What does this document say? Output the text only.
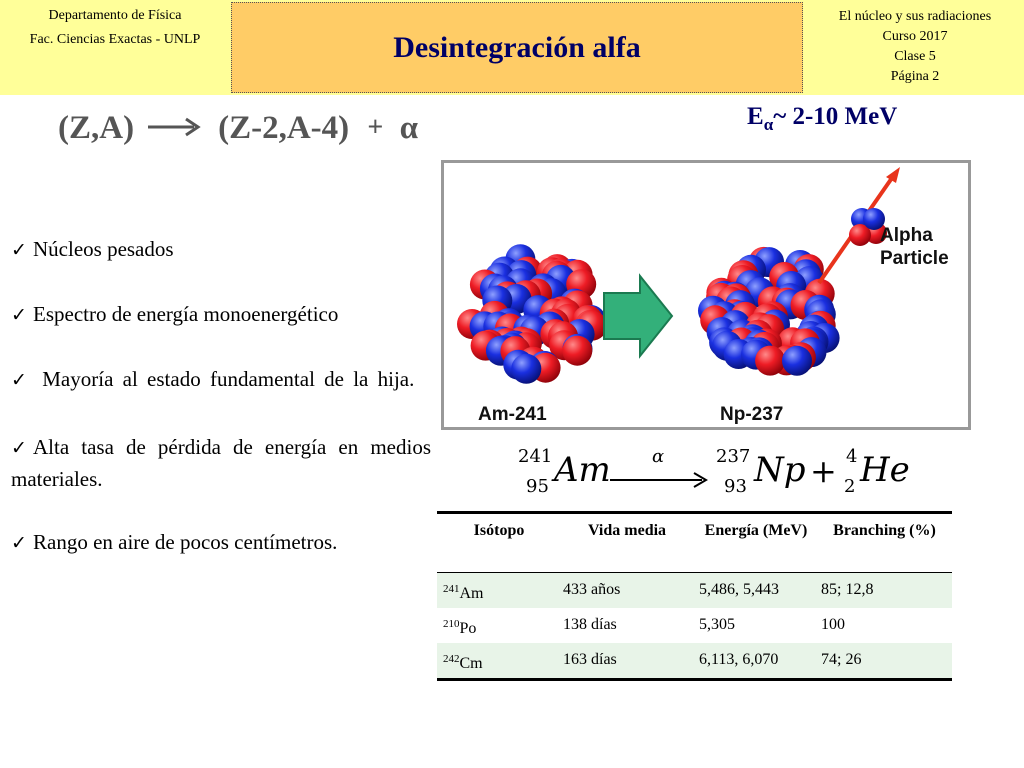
Departamento de Física
Fac. Ciencias Exactas - UNLP	Desintegración alfa
El núcleo y sus radiaciones
Curso 2017
Clase 5
Página 2
(Z,A) → (Z-2,A-4) + α	$E_\alpha\sim$ 2-10 MeV
✓ Núcleos pesados
✓ Espectro de energía monoenergético
✓ Mayoría al estado fundamental de la hija.
✓ Alta tasa de pérdida de energía en medios materiales.
✓ Rango en aire de pocos centímetros.
Alpha
Particle
Am-241	Np-237
241
95 Am α	237
93 Np + 4
2 He
Isótopo	Vida media	Energía (MeV)	Branching (%)
$^{241}$Am	433 años	5,486, 5,443	85; 12,8
$^{210}$Po	138 días	5,305	100
$^{242}$Cm	163 días	6,113, 6,070	74; 26
